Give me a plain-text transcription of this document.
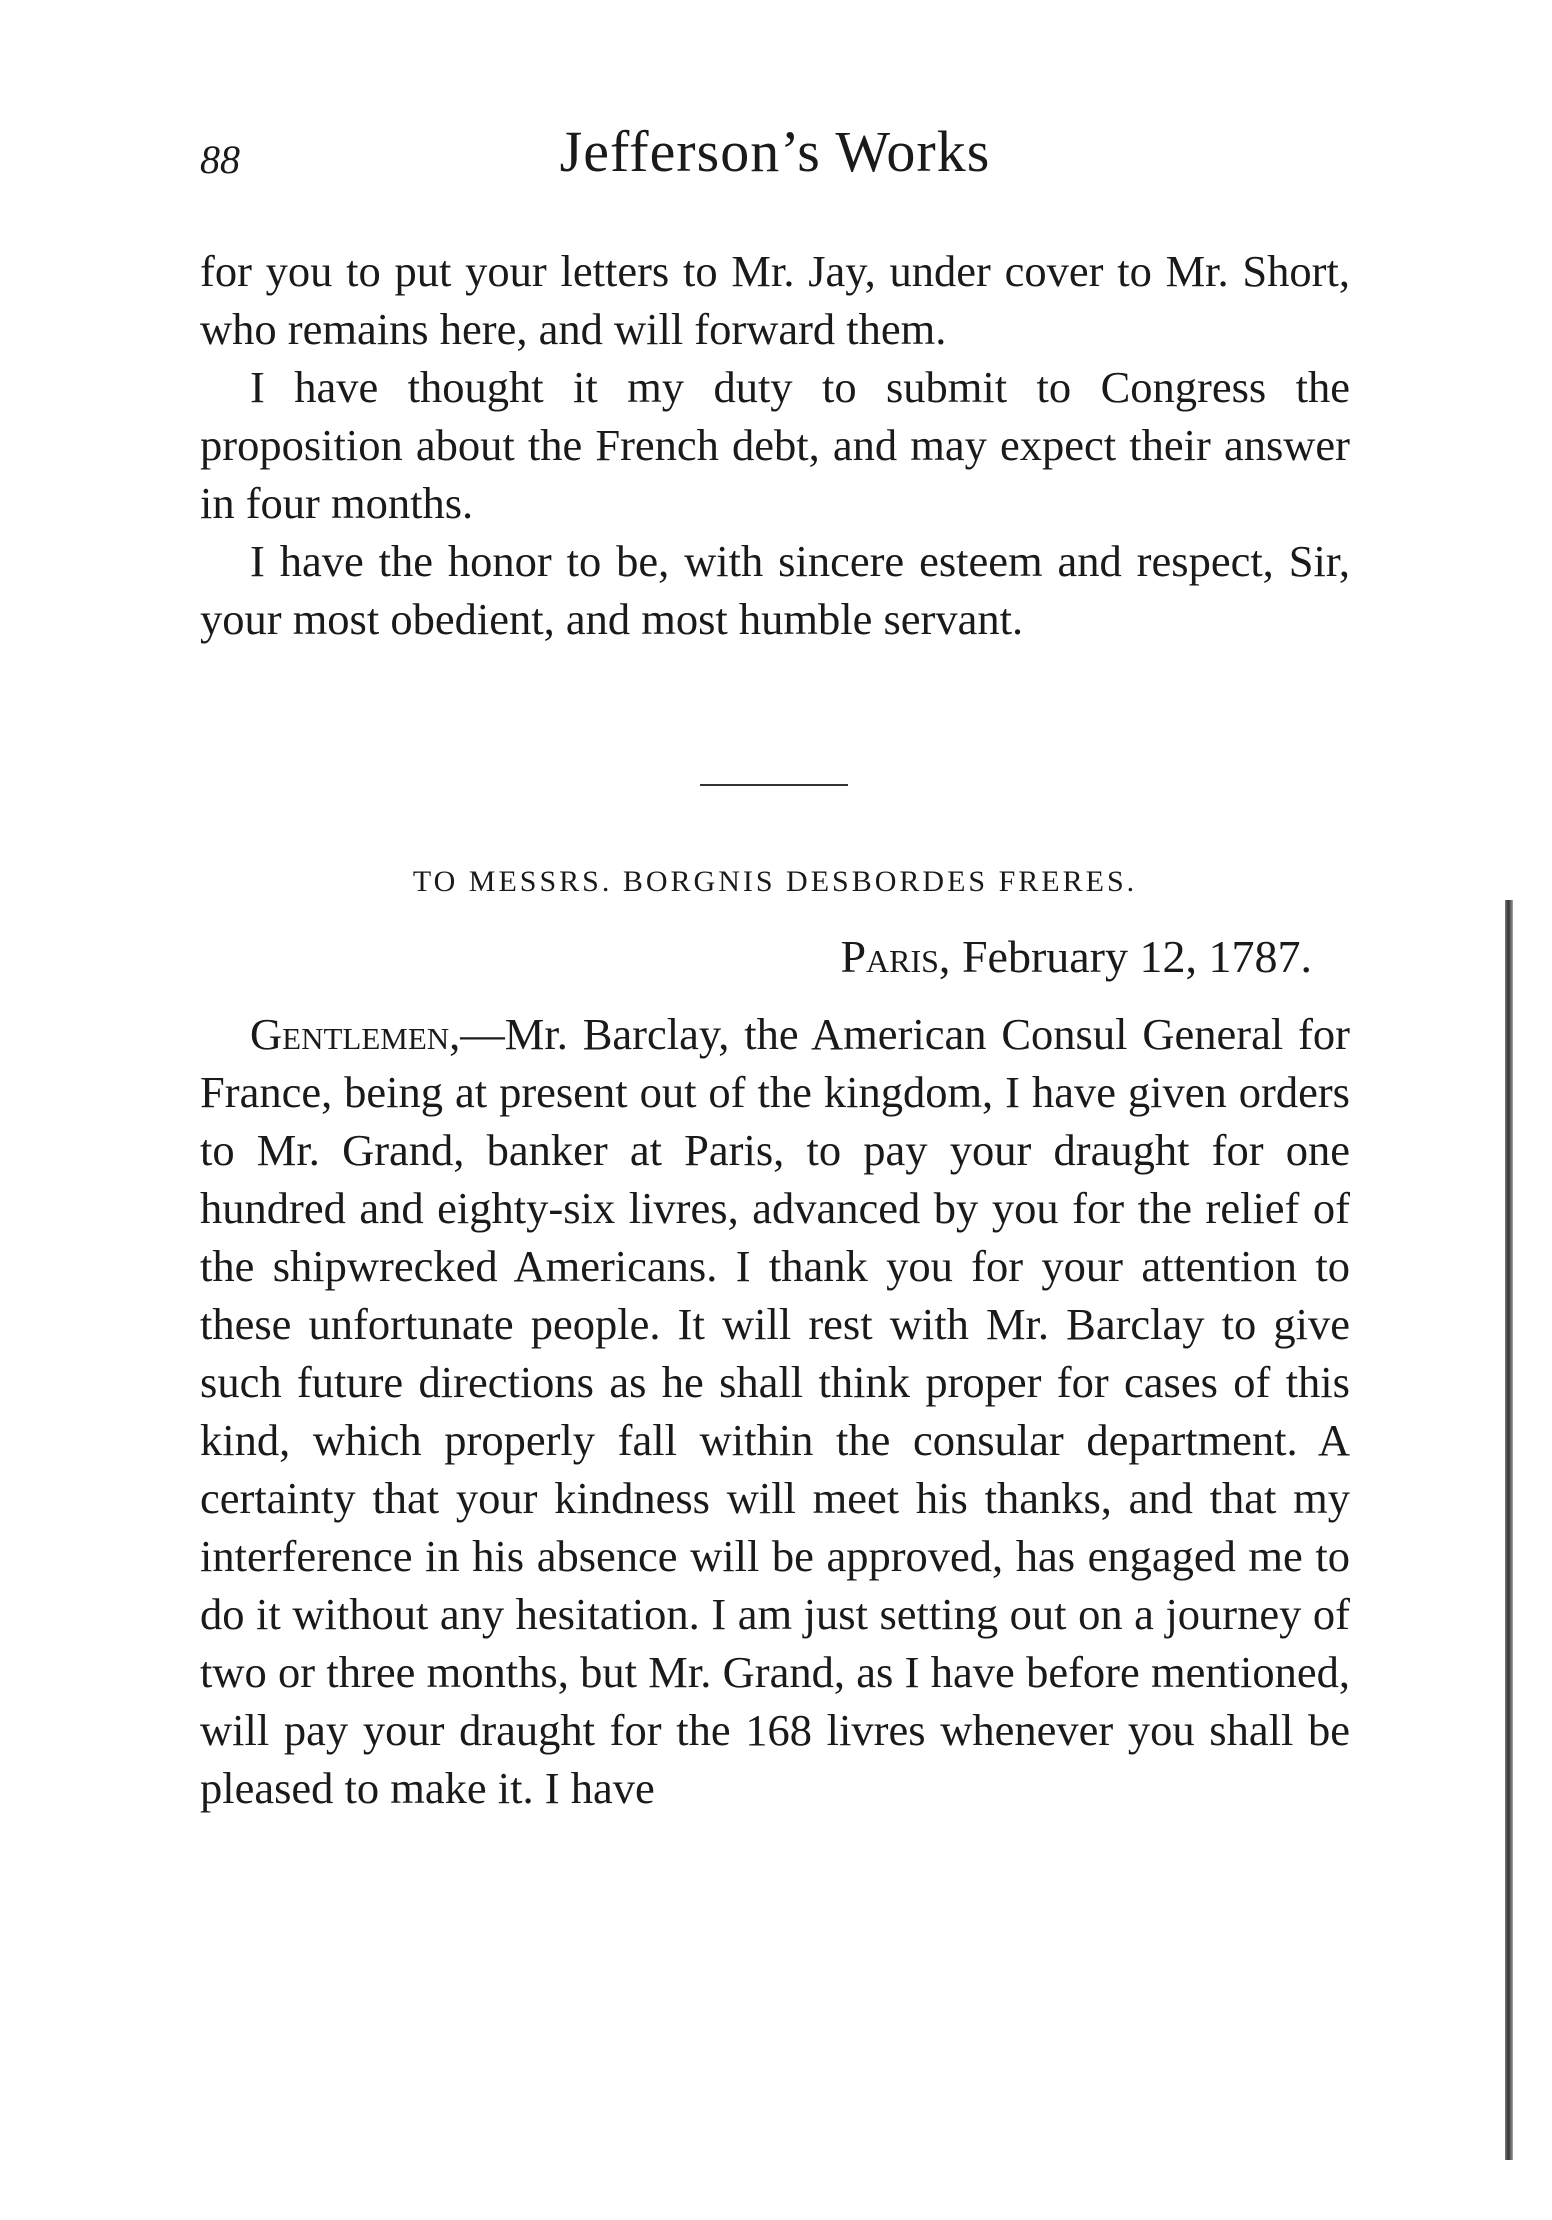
88	Jefferson’s Works

for you to put your letters to Mr. Jay, under cover to Mr. Short, who remains here, and will forward them.

I have thought it my duty to submit to Congress the proposition about the French debt, and may expect their answer in four months.

I have the honor to be, with sincere esteem and respect, Sir, your most obedient, and most humble servant.

TO MESSRS. BORGNIS DESBORDES FRERES.
Paris, February 12, 1787.

Gentlemen,—Mr. Barclay, the American Consul General for France, being at present out of the kingdom, I have given orders to Mr. Grand, banker at Paris, to pay your draught for one hundred and eighty-six livres, advanced by you for the relief of the shipwrecked Americans. I thank you for your attention to these unfortunate people. It will rest with Mr. Barclay to give such future directions as he shall think proper for cases of this kind, which properly fall within the consular department. A certainty that your kindness will meet his thanks, and that my interference in his absence will be approved, has engaged me to do it without any hesitation. I am just setting out on a journey of two or three months, but Mr. Grand, as I have before mentioned, will pay your draught for the 168 livres whenever you shall be pleased to make it. I have
